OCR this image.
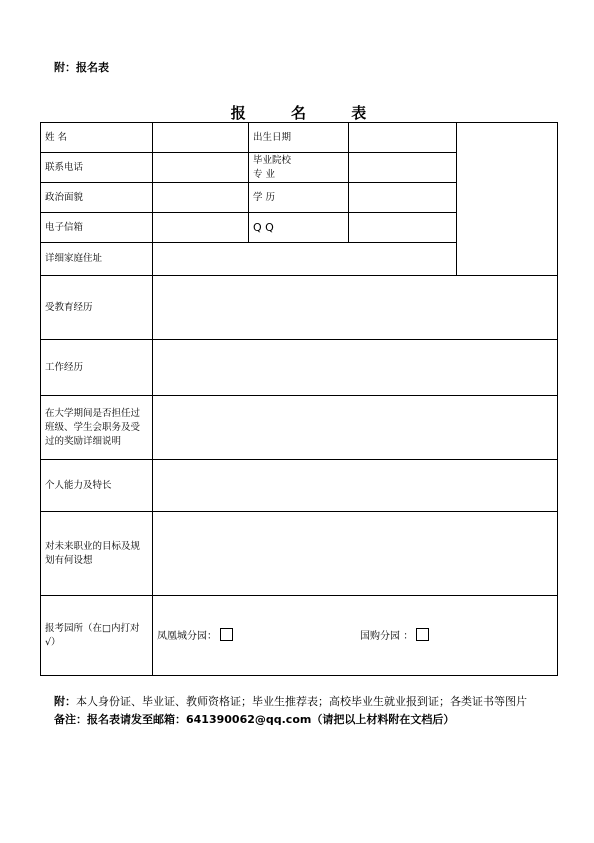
附：报名表
报 名 表
姓 名		出生日期		
联系电话		毕业院校
专 业		

政治面貌		学 历		
电子信箱		Q Q		
详细家庭住址				
受教育经历				
工作经历				
在大学期间是否担任过班级、学生会职务及受过的奖励详细说明				
个人能力及特长				
对未来职业的目标及规划有何设想				
报考园所（在□内打对√）	凤凰城分园： 国购分园 ：			
附：本人身份证、毕业证、教师资格证；毕业生推荐表；高校毕业生就业报到证；各类证书等图片
备注：报名表请发至邮箱：641390062@qq.com（请把以上材料附在文档后）
